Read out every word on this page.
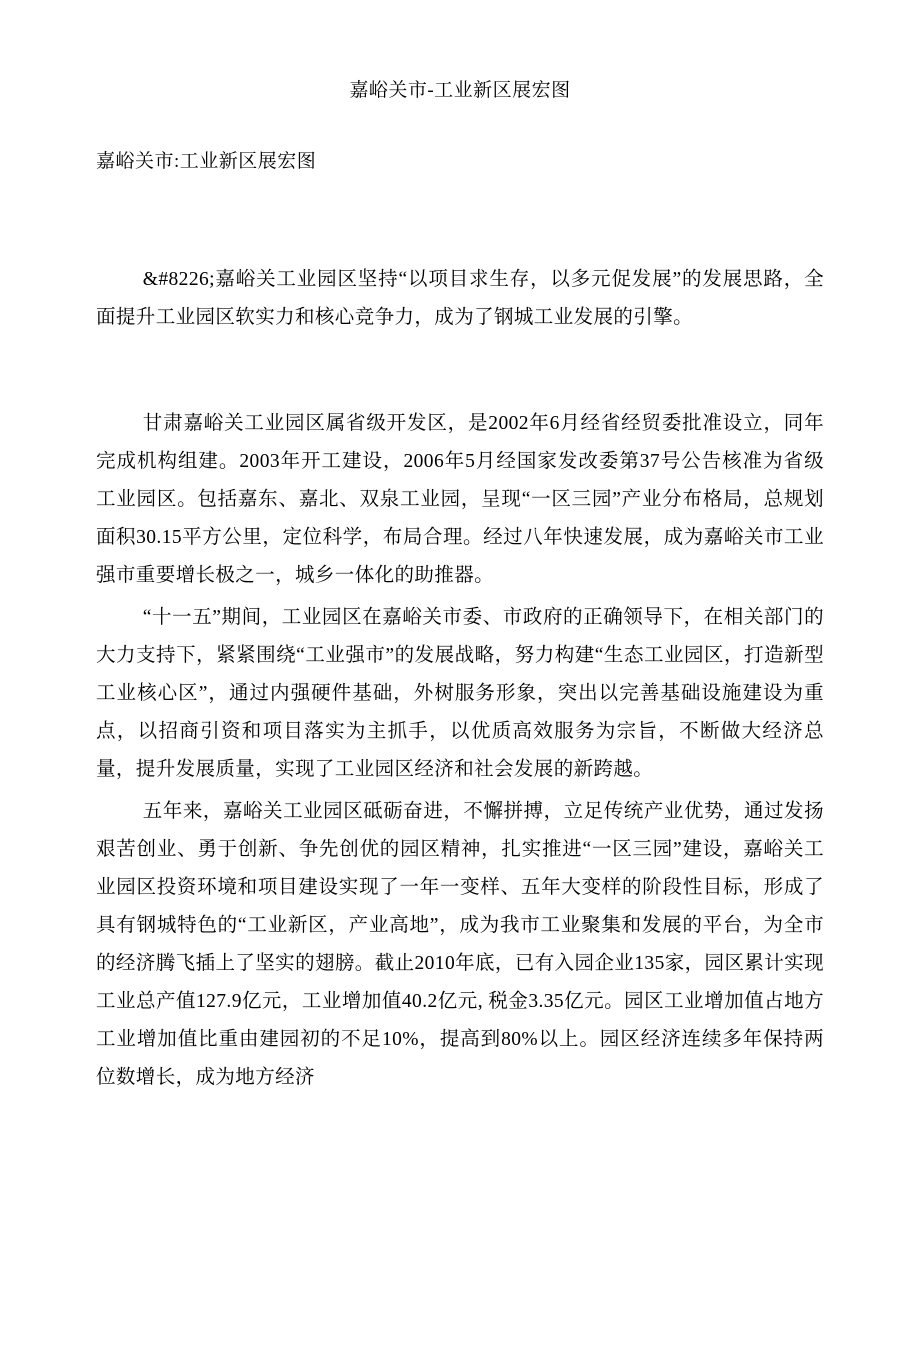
嘉峪关市-工业新区展宏图
嘉峪关市:工业新区展宏图
&#8226;嘉峪关工业园区坚持“以项目求生存，以多元促发展”的发展思路，全面提升工业园区软实力和核心竞争力，成为了钢城工业发展的引擎。
甘肃嘉峪关工业园区属省级开发区，是2002年6月经省经贸委批准设立，同年完成机构组建。2003年开工建设，2006年5月经国家发改委第37号公告核准为省级工业园区。包括嘉东、嘉北、双泉工业园，呈现“一区三园”产业分布格局，总规划面积30.15平方公里，定位科学，布局合理。经过八年快速发展，成为嘉峪关市工业强市重要增长极之一，城乡一体化的助推器。
“十一五”期间，工业园区在嘉峪关市委、市政府的正确领导下，在相关部门的大力支持下，紧紧围绕“工业强市”的发展战略，努力构建“生态工业园区，打造新型工业核心区”，通过内强硬件基础，外树服务形象，突出以完善基础设施建设为重点，以招商引资和项目落实为主抓手，以优质高效服务为宗旨，不断做大经济总量，提升发展质量，实现了工业园区经济和社会发展的新跨越。
五年来，嘉峪关工业园区砥砺奋进，不懈拼搏，立足传统产业优势，通过发扬艰苦创业、勇于创新、争先创优的园区精神，扎实推进“一区三园”建设，嘉峪关工业园区投资环境和项目建设实现了一年一变样、五年大变样的阶段性目标，形成了具有钢城特色的“工业新区，产业高地”，成为我市工业聚集和发展的平台，为全市的经济腾飞插上了坚实的翅膀。截止2010年底，已有入园企业135家，园区累计实现工业总产值127.9亿元，工业增加值40.2亿元, 税金3.35亿元。园区工业增加值占地方工业增加值比重由建园初的不足10%，提高到80%以上。园区经济连续多年保持两位数增长，成为地方经济
